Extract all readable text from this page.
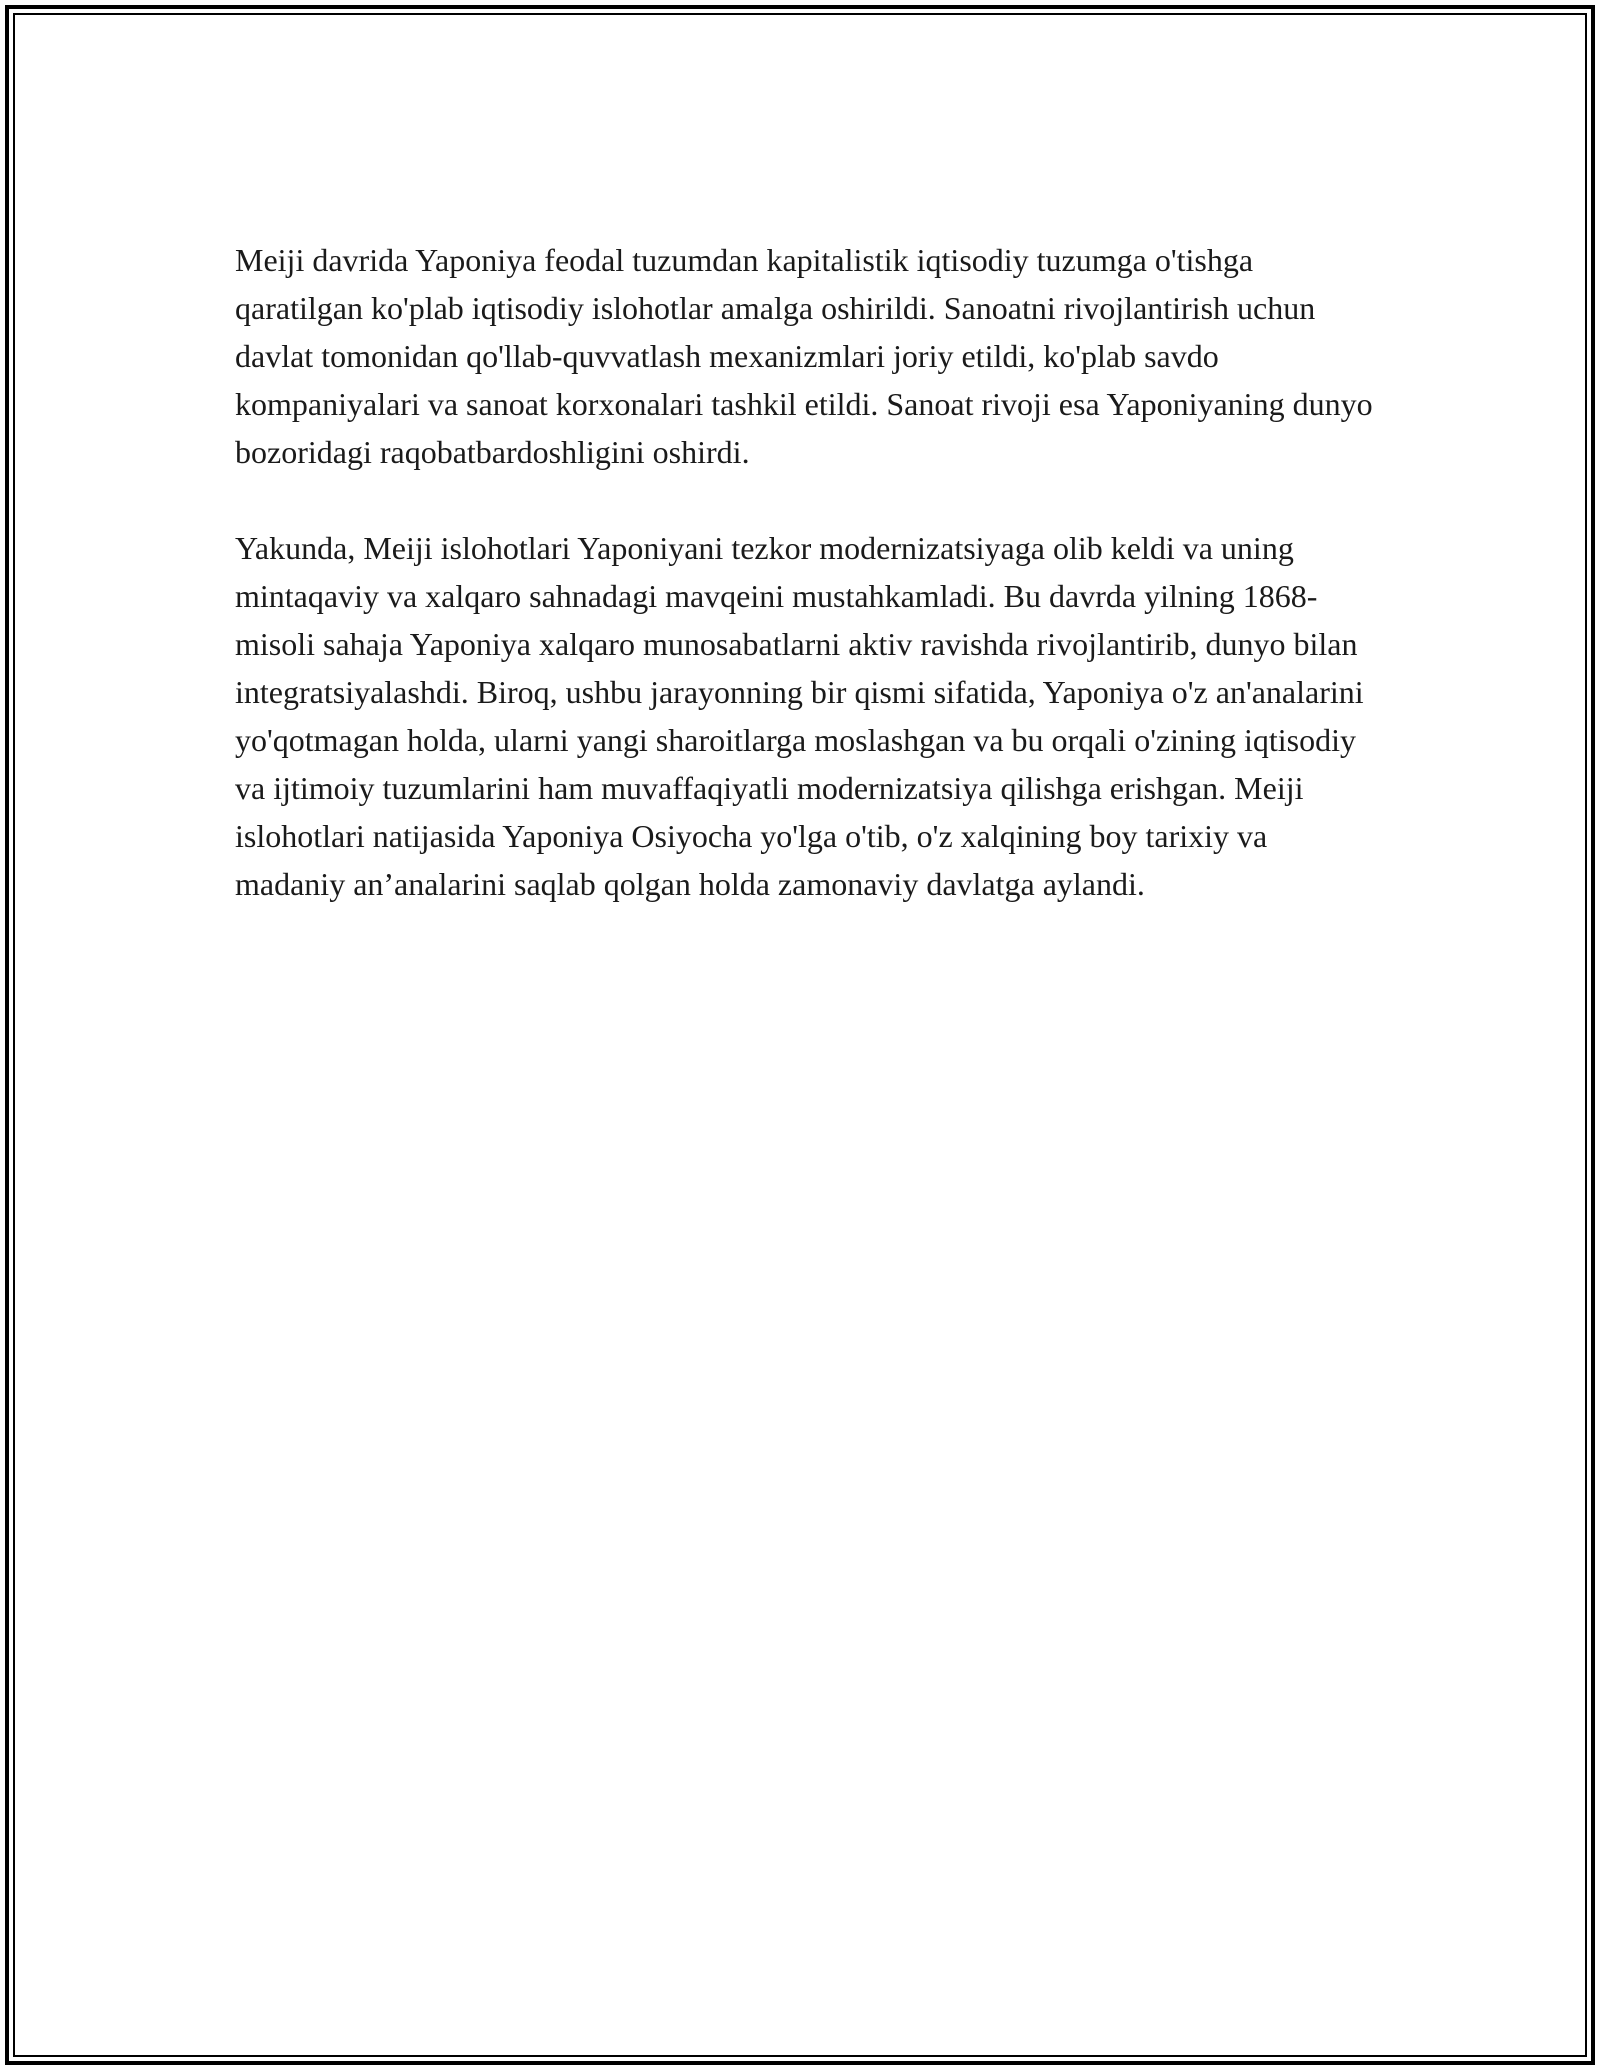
Meiji davrida Yaponiya feodal tuzumdan kapitalistik iqtisodiy tuzumga o'tishga qaratilgan ko'plab iqtisodiy islohotlar amalga oshirildi. Sanoatni rivojlantirish uchun davlat tomonidan qo'llab-quvvatlash mexanizmlari joriy etildi, ko'plab savdo kompaniyalari va sanoat korxonalari tashkil etildi. Sanoat rivoji esa Yaponiyaning dunyo bozoridagi raqobatbardoshligini oshirdi.

Yakunda, Meiji islohotlari Yaponiyani tezkor modernizatsiyaga olib keldi va uning mintaqaviy va xalqaro sahnadagi mavqeini mustahkamladi. Bu davrda yilning 1868-misoli sahaja Yaponiya xalqaro munosabatlarni aktiv ravishda rivojlantirib, dunyo bilan integratsiyalashdi. Biroq, ushbu jarayonning bir qismi sifatida, Yaponiya o'z an'analarini yo'qotmagan holda, ularni yangi sharoitlarga moslashgan va bu orqali o'zining iqtisodiy va ijtimoiy tuzumlarini ham muvaffaqiyatli modernizatsiya qilishga erishgan. Meiji islohotlari natijasida Yaponiya Osiyocha yo'lga o'tib, o'z xalqining boy tarixiy va madaniy an’analarini saqlab qolgan holda zamonaviy davlatga aylandi.
